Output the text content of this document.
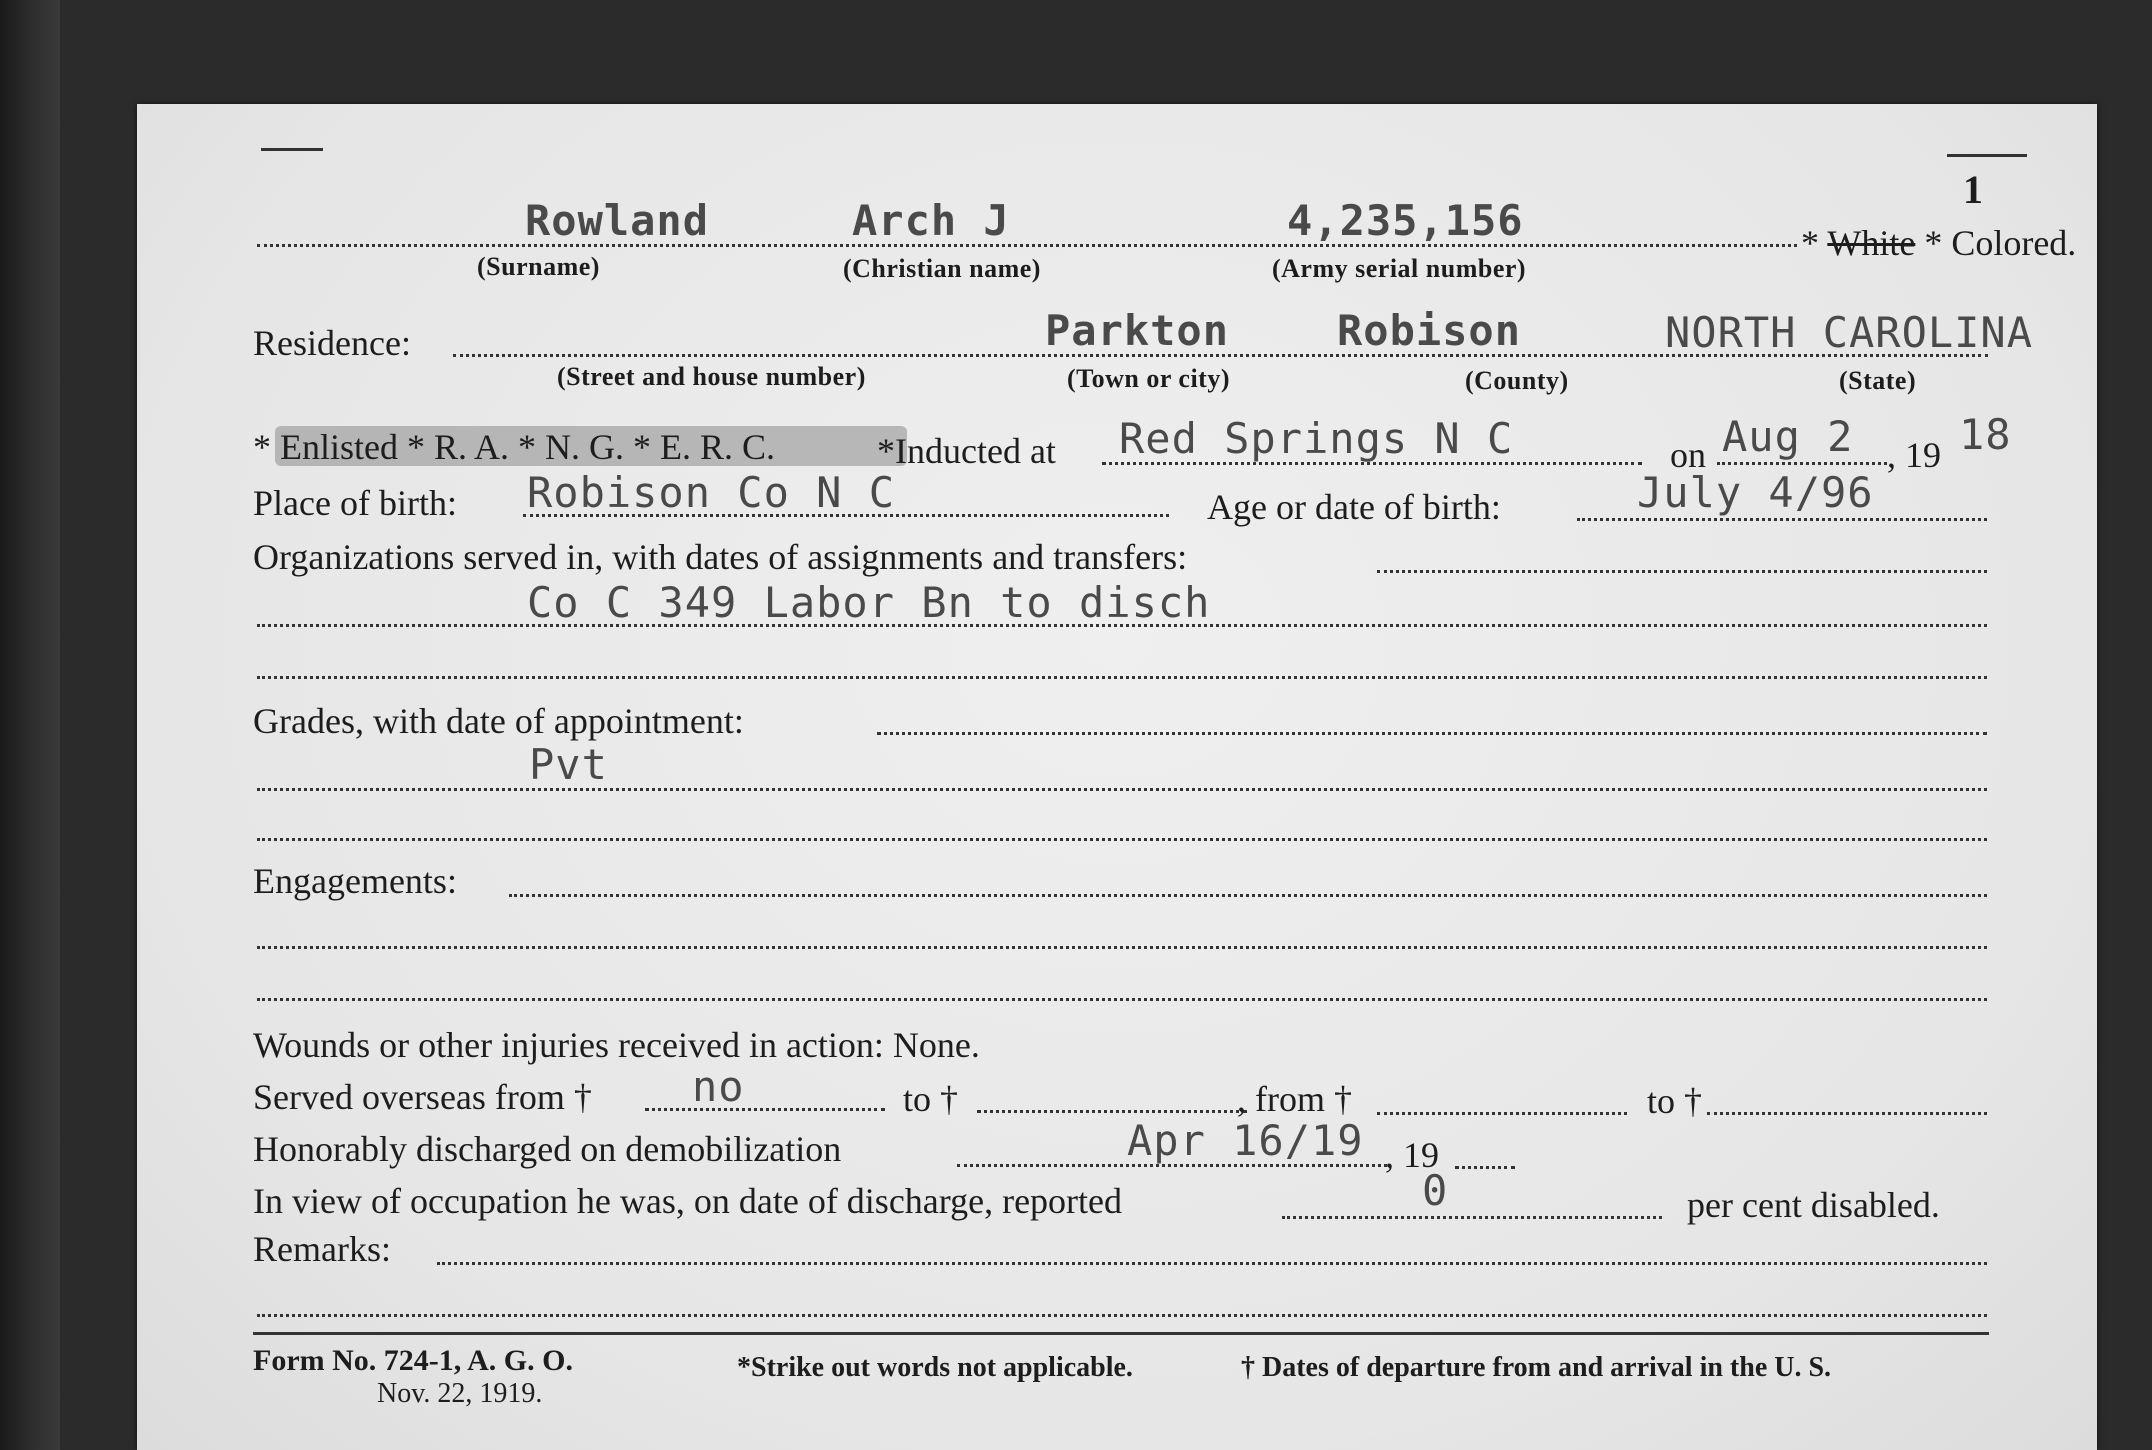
1
Rowland	Arch J	4,235,156
(Surname)	(Christian name)	(Army serial number)
* White * Colored.
Residence:	Parkton	Robison	NORTH CAROLINA
(Street and house number)	(Town or city)	(County)	(State)
* Enlisted * R. A. * N. G. * E. R. C.	*Inducted at Red Springs N C	on Aug 2 , 19 18
Place of birth: Robison Co N C	Age or date of birth:	July 4/96
Organizations served in, with dates of assignments and transfers:
Co C 349 Labor Bn to disch
Grades, with date of appointment:
Pvt
Engagements:
Wounds or other injuries received in action: None.
Served overseas from † no	to †	, from †	to †
Honorably discharged on demobilization	Apr 16/19 , 19
In view of occupation he was, on date of discharge, reported	0	per cent disabled.
Remarks:
Form No. 724-1, A. G. O.
Nov. 22, 1919.
*Strike out words not applicable.	† Dates of departure from and arrival in the U. S.
